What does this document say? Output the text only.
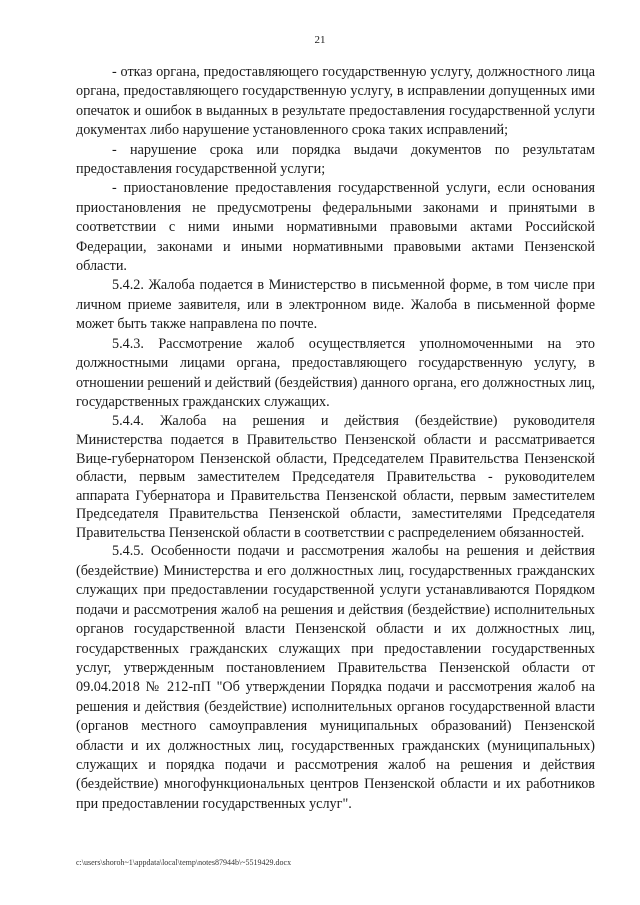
21

- отказ органа, предоставляющего государственную услугу, должностного лица органа, предоставляющего государственную услугу, в исправлении допущенных ими опечаток и ошибок в выданных в результате предоставления государственной услуги документах либо нарушение установленного срока таких исправлений;

- нарушение срока или порядка выдачи документов по результатам предоставления государственной услуги;

- приостановление предоставления государственной услуги, если основания приостановления не предусмотрены федеральными законами и принятыми в соответствии с ними иными нормативными правовыми актами Российской Федерации, законами и иными нормативными правовыми актами Пензенской области.

5.4.2. Жалоба подается в Министерство в письменной форме, в том числе при личном приеме заявителя, или в электронном виде. Жалоба в письменной форме может быть также направлена по почте.

5.4.3. Рассмотрение жалоб осуществляется уполномоченными на это должностными лицами органа, предоставляющего государственную услугу, в отношении решений и действий (бездействия) данного органа, его должностных лиц, государственных гражданских служащих.

5.4.4. Жалоба на решения и действия (бездействие) руководителя Министерства подается в Правительство Пензенской области и рассматривается Вице-губернатором Пензенской области, Председателем Правительства Пензенской области, первым заместителем Председателя Правительства - руководителем аппарата Губернатора и Правительства Пензенской области, первым заместителем Председателя Правительства Пензенской области, заместителями Председателя Правительства Пензенской области в соответствии с распределением обязанностей.

5.4.5. Особенности подачи и рассмотрения жалобы на решения и действия (бездействие) Министерства и его должностных лиц, государственных гражданских служащих при предоставлении государственной услуги устанавливаются Порядком подачи и рассмотрения жалоб на решения и действия (бездействие) исполнительных органов государственной власти Пензенской области и их должностных лиц, государственных гражданских служащих при предоставлении государственных услуг, утвержденным постановлением Правительства Пензенской области от 09.04.2018 № 212-пП "Об утверждении Порядка подачи и рассмотрения жалоб на решения и действия (бездействие) исполнительных органов государственной власти (органов местного самоуправления муниципальных образований) Пензенской области и их должностных лиц, государственных гражданских (муниципальных) служащих и порядка подачи и рассмотрения жалоб на решения и действия (бездействие) многофункциональных центров Пензенской области и их работников при предоставлении государственных услуг".

c:\users\shoroh~1\appdata\local\temp\notes87944b\~5519429.docx
